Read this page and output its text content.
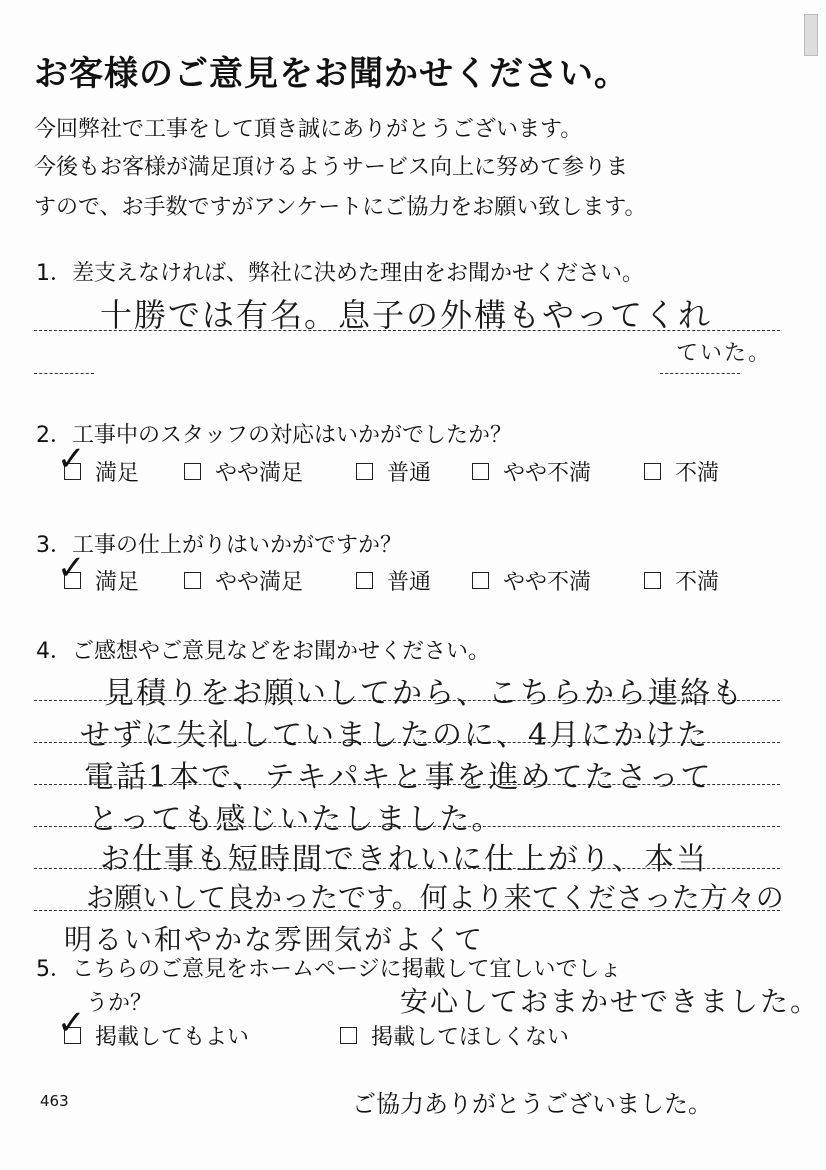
お客様のご意見をお聞かせください。
今回弊社で工事をして頂き誠にありがとうございます。
今後もお客様が満足頂けるようサービス向上に努めて参りま
すので、お手数ですがアンケートにご協力をお願い致します。
1．差支えなければ、弊社に決めた理由をお聞かせください。
十勝では有名。息子の外構もやってくれ
ていた。
2．工事中のスタッフの対応はいかがでしたか？
✓ 満足	やや満足	普通	やや不満	不満
3．工事の仕上がりはいかがですか？
✓ 満足	やや満足	普通	やや不満	不満
4．ご感想やご意見などをお聞かせください。
見積りをお願いしてから、こちらから連絡も
せずに失礼していましたのに、4月にかけた
電話1本で、テキパキと事を進めてたさって
とっても感じいたしました。
お仕事も短時間できれいに仕上がり、本当
お願いして良かったです。何より来てくださった方々の
明るい和やかな雰囲気がよくて
安心しておまかせできました。
5．こちらのご意見をホームページに掲載して宜しいでしょ
うか？
✓ 掲載してもよい	掲載してほしくない
463	ご協力ありがとうございました。
